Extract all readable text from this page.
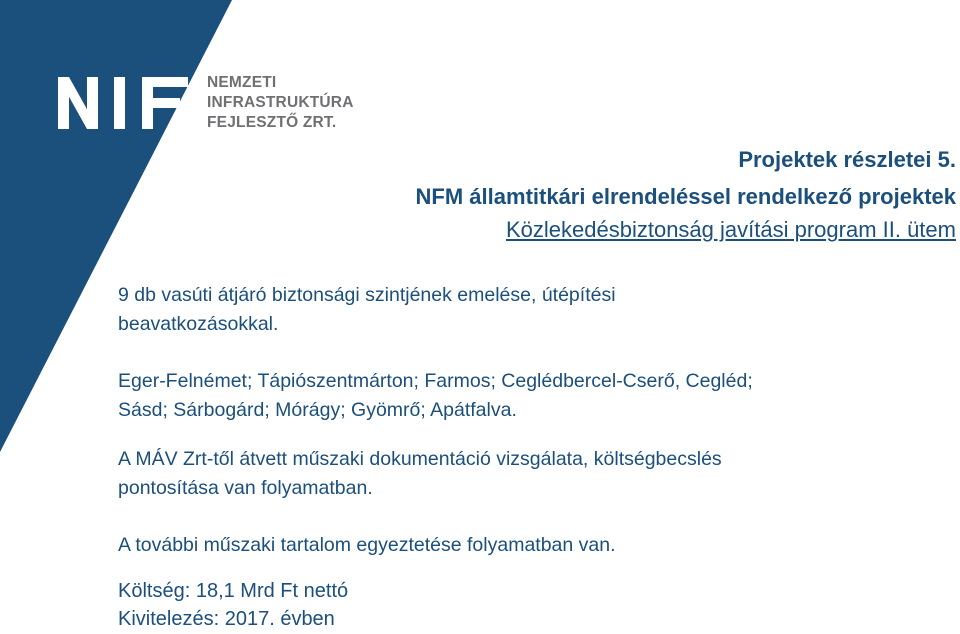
NEMZETI
INFRASTRUKTÚRA
FEJLESZTŐ ZRT.
Projektek részletei 5.
NFM államtitkári elrendeléssel rendelkező projektek
Közlekedésbiztonság javítási program II. ütem
9 db vasúti átjáró biztonsági szintjének emelése, útépítési
beavatkozásokkal.
Eger-Felnémet; Tápiószentmárton; Farmos; Ceglédbercel-Cserő, Cegléd;
Sásd; Sárbogárd; Mórágy; Gyömrő; Apátfalva.
A MÁV Zrt-től átvett műszaki dokumentáció vizsgálata, költségbecslés
pontosítása van folyamatban.
A további műszaki tartalom egyeztetése folyamatban van.
Költség: 18,1 Mrd Ft nettó
Kivitelezés: 2017. évben
